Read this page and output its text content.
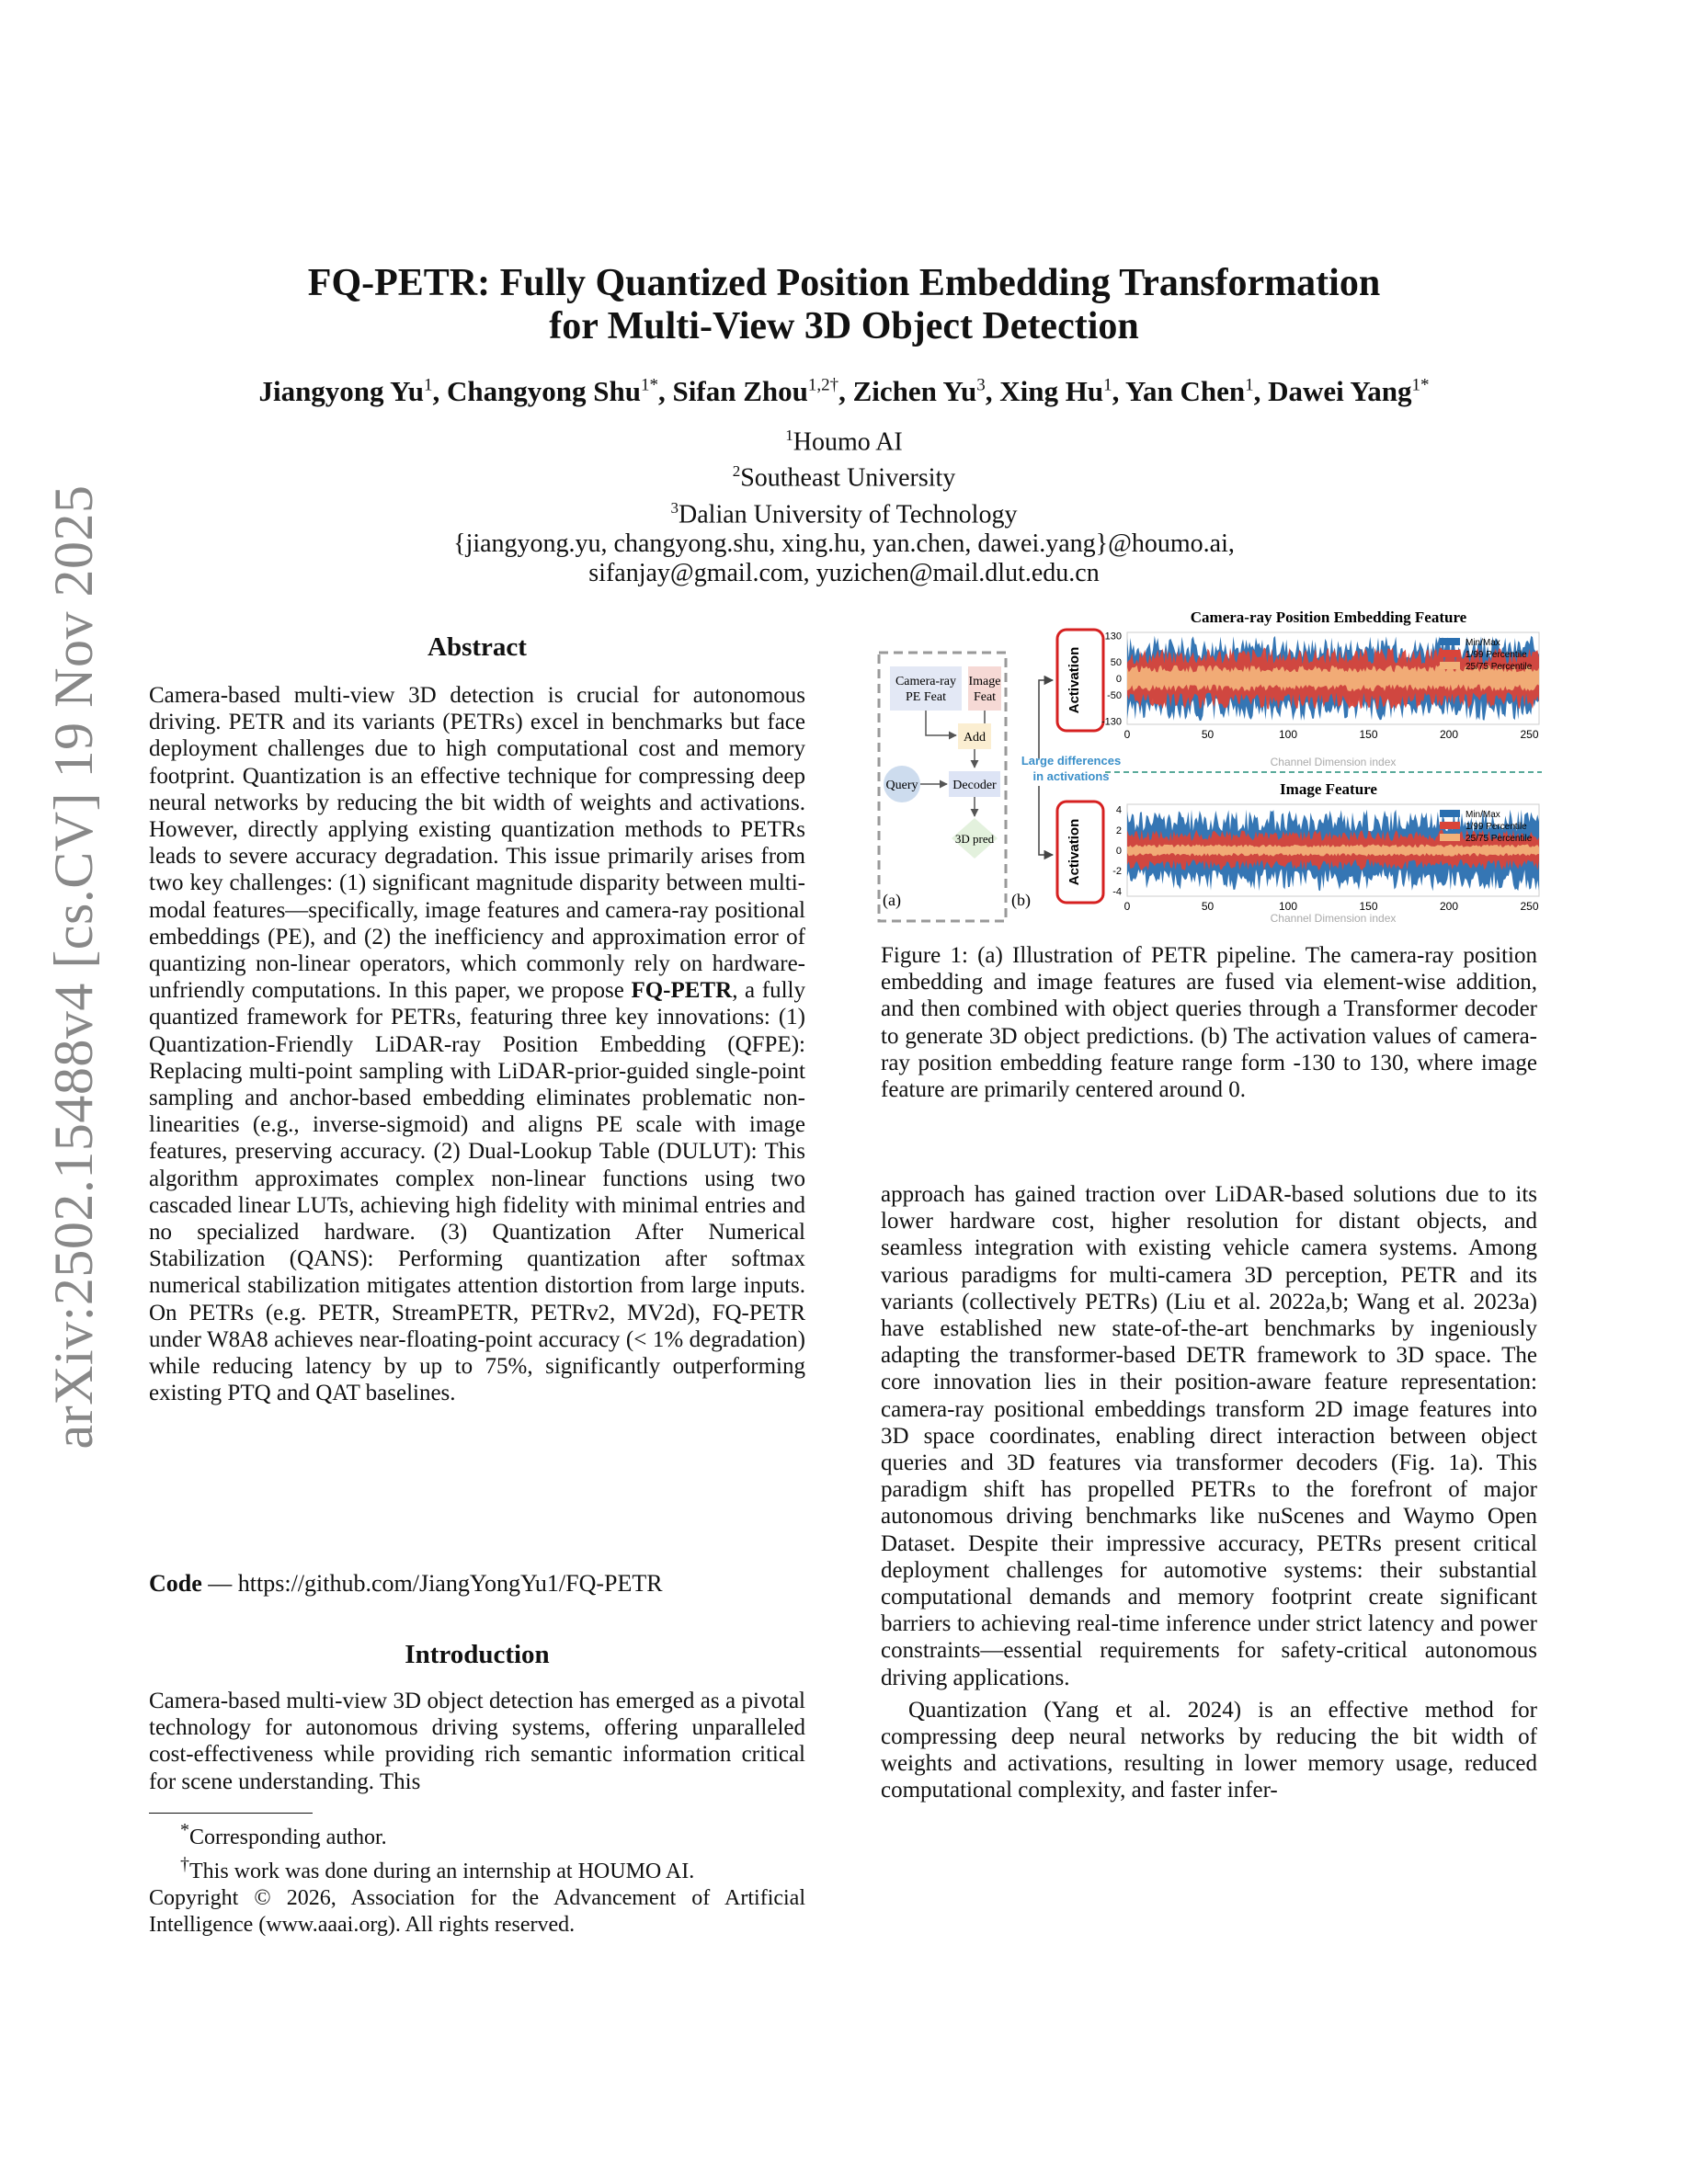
FQ-PETR: Fully Quantized Position Embedding Transformation
for Multi-View 3D Object Detection
Jiangyong Yu$^1$, Changyong Shu$^{1*}$, Sifan Zhou$^{1,2\dagger}$, Zichen Yu$^3$, Xing Hu$^1$, Yan Chen$^1$, Dawei Yang$^{1*}$
$^1$Houmo AI
$^2$Southeast University
$^3$Dalian University of Technology
{jiangyong.yu, changyong.shu, xing.hu, yan.chen, dawei.yang}@houmo.ai,
sifanjay@gmail.com, yuzichen@mail.dlut.edu.cn
arXiv:2502.15488v4 [cs.CV] 19 Nov 2025	Abstract
Camera-based multi-view 3D detection is crucial for autonomous driving. PETR and its variants (PETRs) excel in benchmarks but face deployment challenges due to high computational cost and memory footprint. Quantization is an effective technique for compressing deep neural networks by reducing the bit width of weights and activations. However, directly applying existing quantization methods to PETRs leads to severe accuracy degradation. This issue primarily arises from two key challenges: (1) significant magnitude disparity between multi-modal features—specifically, image features and camera-ray positional embeddings (PE), and (2) the inefficiency and approximation error of quantizing non-linear operators, which commonly rely on hardware-unfriendly computations. In this paper, we propose FQ-PETR, a fully quantized framework for PETRs, featuring three key innovations: (1) Quantization-Friendly LiDAR-ray Position Embedding (QFPE): Replacing multi-point sampling with LiDAR-prior-guided single-point sampling and anchor-based embedding eliminates problematic non-linearities (e.g., inverse-sigmoid) and aligns PE scale with image features, preserving accuracy. (2) Dual-Lookup Table (DULUT): This algorithm approximates complex non-linear functions using two cascaded linear LUTs, achieving high fidelity with minimal entries and no specialized hardware. (3) Quantization After Numerical Stabilization (QANS): Performing quantization after softmax numerical stabilization mitigates attention distortion from large inputs. On PETRs (e.g. PETR, StreamPETR, PETRv2, MV2d), FQ-PETR under W8A8 achieves near-floating-point accuracy (< 1% degradation) while reducing latency by up to 75%, significantly outperforming existing PTQ and QAT baselines.
Code — https://github.com/JiangYongYu1/FQ-PETR
Introduction
Camera-based multi-view 3D object detection has emerged as a pivotal technology for autonomous driving systems, offering unparalleled cost-effectiveness while providing rich semantic information critical for scene understanding. This
*Corresponding author.
†This work was done during an internship at HOUMO AI.
Copyright © 2026, Association for the Advancement of Artificial Intelligence (www.aaai.org). All rights reserved.
Camera-ray
PE Feat
Image
Feat
Add
Query	Decoder
3D pred
(a)	(b)
Large differences
in activations
Camera-ray Position Embedding Feature
Activation
130
50
0
-50
-130
0	50	100	150	200	250
Channel Dimension index
Min/Max
1/99 Percentile
25/75 Percentile
Image Feature
Activation
4
2
0
-2
-4
0	50	100	150	200	250
Channel Dimension index
Min/Max
1/99 Percentile
25/75 Percentile
Figure 1: (a) Illustration of PETR pipeline. The camera-ray position embedding and image features are fused via element-wise addition, and then combined with object queries through a Transformer decoder to generate 3D object predictions. (b) The activation values of camera-ray position embedding feature range form -130 to 130, where image feature are primarily centered around 0.
approach has gained traction over LiDAR-based solutions due to its lower hardware cost, higher resolution for distant objects, and seamless integration with existing vehicle camera systems. Among various paradigms for multi-camera 3D perception, PETR and its variants (collectively PETRs) (Liu et al. 2022a,b; Wang et al. 2023a) have established new state-of-the-art benchmarks by ingeniously adapting the transformer-based DETR framework to 3D space. The core innovation lies in their position-aware feature representation: camera-ray positional embeddings transform 2D image features into 3D space coordinates, enabling direct interaction between object queries and 3D features via transformer decoders (Fig. 1a). This paradigm shift has propelled PETRs to the forefront of major autonomous driving benchmarks like nuScenes and Waymo Open Dataset. Despite their impressive accuracy, PETRs present critical deployment challenges for automotive systems: their substantial computational demands and memory footprint create significant barriers to achieving real-time inference under strict latency and power constraints—essential requirements for safety-critical autonomous driving applications.
Quantization (Yang et al. 2024) is an effective method for compressing deep neural networks by reducing the bit width of weights and activations, resulting in lower memory usage, reduced computational complexity, and faster infer-
